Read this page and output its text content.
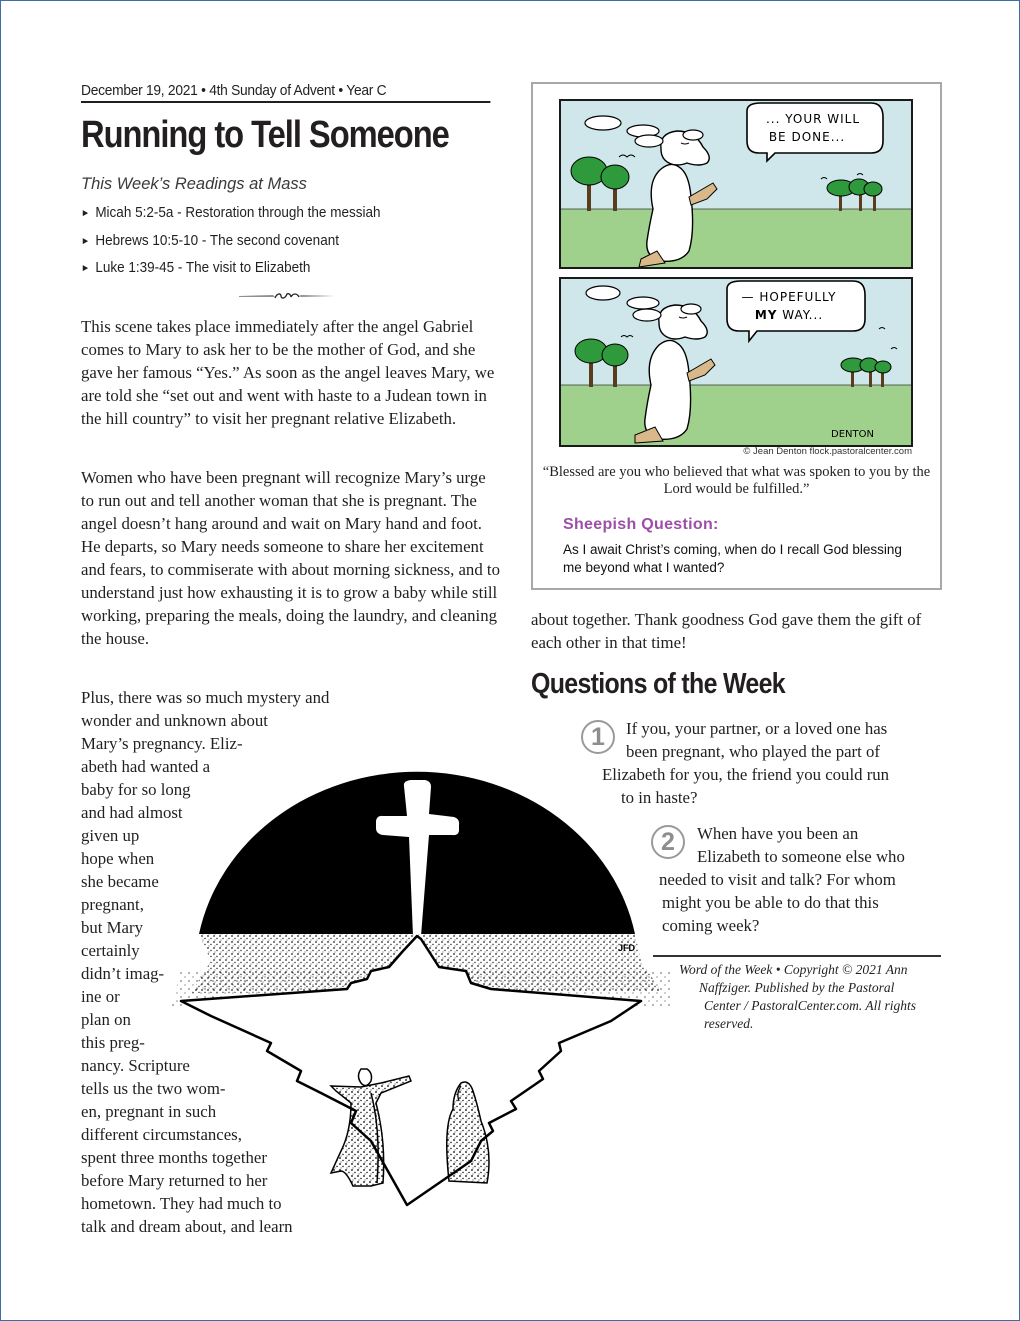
December 19, 2021 • 4th Sunday of Advent • Year C
Running to Tell Someone
This Week’s Readings at Mass
► Micah 5:2-5a - Restoration through the messiah
► Hebrews 10:5-10 - The second covenant
► Luke 1:39-45 - The visit to Elizabeth

This scene takes place immediately after the angel Gabriel comes to Mary to ask her to be the mother of God, and she gave her famous “Yes.” As soon as the angel leaves Mary, we are told she “set out and went with haste to a Judean town in the hill country” to visit her pregnant relative Elizabeth.

Women who have been pregnant will recognize Mary’s urge to run out and tell another woman that she is pregnant. The angel doesn’t hang around and wait on Mary hand and foot. He departs, so Mary needs someone to share her excitement and fears, to commiserate with about morning sickness, and to understand just how exhausting it is to grow a baby while still working, preparing the meals, doing the laundry, and cleaning the house.

Plus, there was so much mystery and
wonder and unknown about
Mary’s pregnancy. Eliz-
abeth had wanted a
baby for so long
and had almost
given up
hope when
she became
pregnant,
but Mary
certainly
didn’t imag-
ine or
plan on
this preg-
nancy. Scripture
tells us the two wom-
en, pregnant in such
different circumstances,
spent three months together
before Mary returned to her
hometown. They had much to
talk and dream about, and learn
JFD
... YOUR WILL
BE DONE...
— HOPEFULLY
MY WAY...
DENTON
© Jean Denton flock.pastoralcenter.com
“Blessed are you who believed that what was spoken to you by the Lord would be fulfilled.”
Sheepish Question:
As I await Christ’s coming, when do I recall God blessing me beyond what I wanted?

about together. Thank goodness God gave them the gift of each other in that time!

Questions of the Week
1	If you, your partner, or a loved one has
been pregnant, who played the part of
Elizabeth for you, the friend you could run
to in haste?
2	When have you been an
Elizabeth to someone else who
needed to visit and talk? For whom
might you be able to do that this
coming week?
Word of the Week • Copyright © 2021 Ann
Naffziger. Published by the Pastoral
Center / PastoralCenter.com. All rights
reserved.
